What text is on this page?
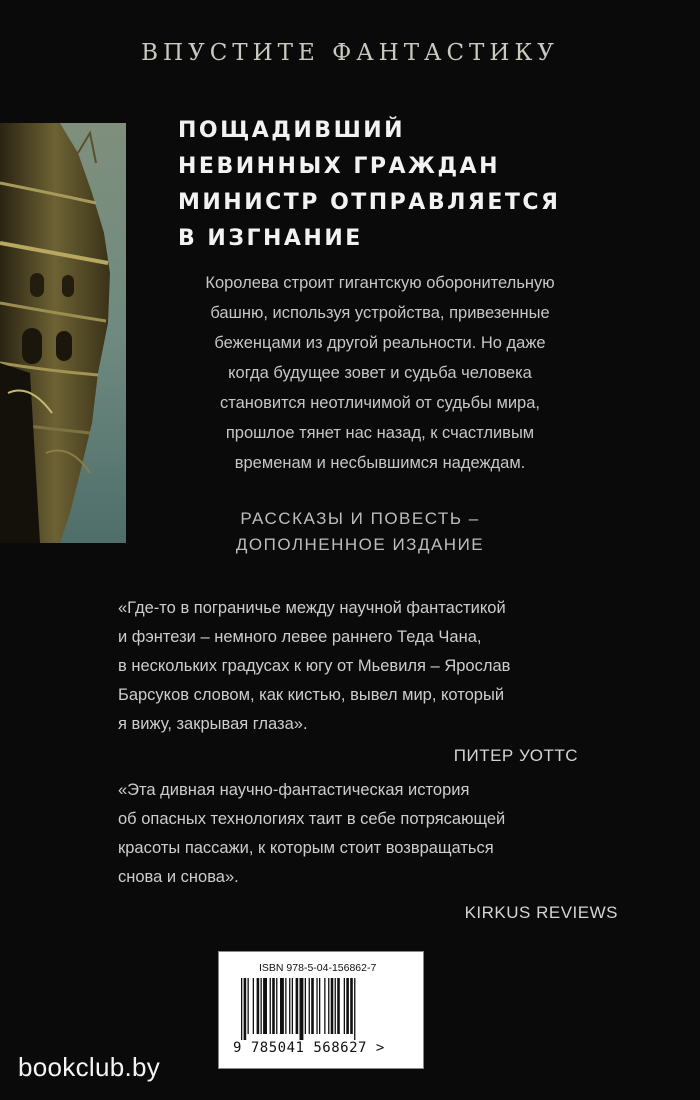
ВПУСТИТЕ ФАНТАСТИКУ
ПОЩАДИВШИЙ
НЕВИННЫХ ГРАЖДАН
МИНИСТР ОТПРАВЛЯЕТСЯ
В ИЗГНАНИЕ
Королева строит гигантскую оборонительную
башню, используя устройства, привезенные
беженцами из другой реальности. Но даже
когда будущее зовет и судьба человека
становится неотличимой от судьбы мира,
прошлое тянет нас назад, к счастливым
временам и несбывшимся надеждам.
РАССКАЗЫ И ПОВЕСТЬ –
ДОПОЛНЕННОЕ ИЗДАНИЕ
«Где-то в пограничье между научной фантастикой
и фэнтези – немного левее раннего Теда Чана,
в нескольких градусах к югу от Мьевиля – Ярослав
Барсуков словом, как кистью, вывел мир, который
я вижу, закрывая глаза».
ПИТЕР УОТТС
«Эта дивная научно-фантастическая история
об опасных технологиях таит в себе потрясающей
красоты пассажи, к которым стоит возвращаться
снова и снова».
KIRKUS REVIEWS
ISBN 978-5-04-156862-7
9 785041 568627 >
bookclub.by
